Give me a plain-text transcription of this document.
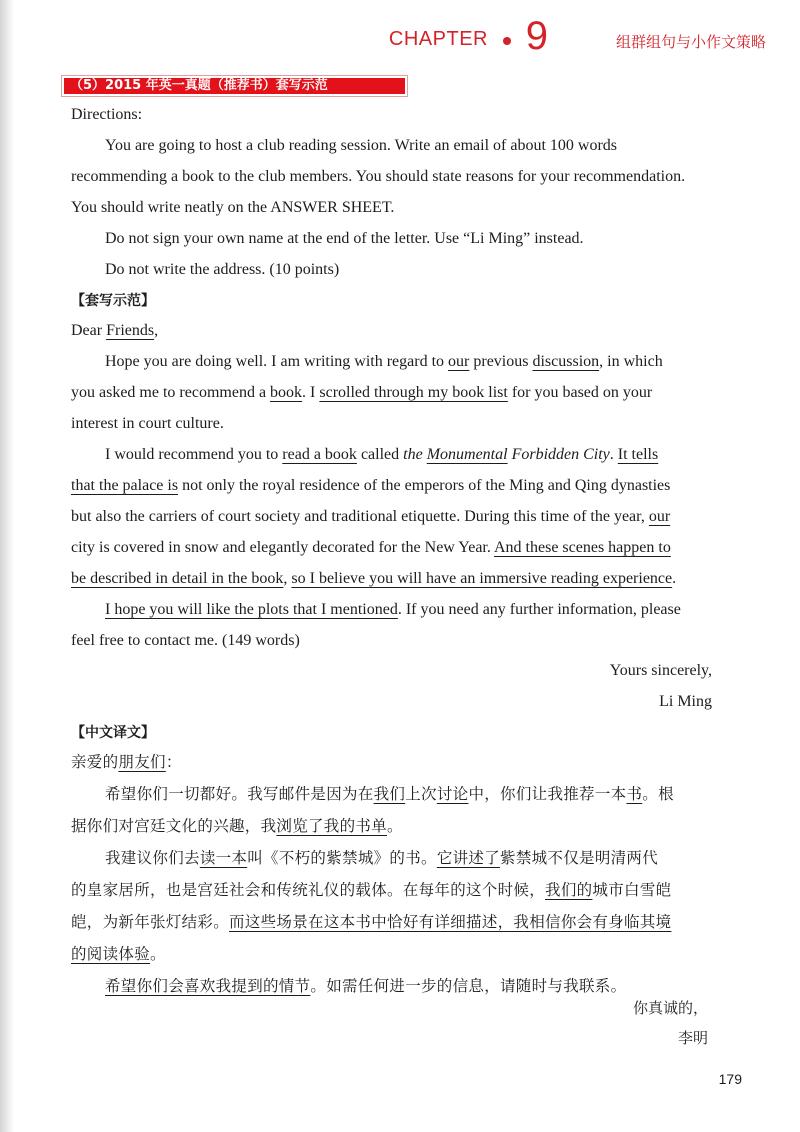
CHAPTER 9	组群组句与小作文策略
（5）2015 年英一真题（推荐书）套写示范
Directions:
You are going to host a club reading session. Write an email of about 100 words
recommending a book to the club members. You should state reasons for your recommendation.
You should write neatly on the ANSWER SHEET.
Do not sign your own name at the end of the letter. Use “Li Ming” instead.
Do not write the address. (10 points)
【套写示范】
Dear Friends,
Hope you are doing well. I am writing with regard to our previous discussion, in which
you asked me to recommend a book. I scrolled through my book list for you based on your
interest in court culture.
I would recommend you to read a book called the Monumental Forbidden City. It tells
that the palace is not only the royal residence of the emperors of the Ming and Qing dynasties
but also the carriers of court society and traditional etiquette. During this time of the year, our
city is covered in snow and elegantly decorated for the New Year. And these scenes happen to
be described in detail in the book, so I believe you will have an immersive reading experience.
I hope you will like the plots that I mentioned. If you need any further information, please
feel free to contact me. (149 words)
Yours sincerely,
Li Ming
【中文译文】
亲爱的朋友们：
希望你们一切都好。我写邮件是因为在我们上次讨论中，你们让我推荐一本书。根
据你们对宫廷文化的兴趣，我浏览了我的书单。
我建议你们去读一本叫《不朽的紫禁城》的书。它讲述了紫禁城不仅是明清两代
的皇家居所，也是宫廷社会和传统礼仪的载体。在每年的这个时候，我们的城市白雪皑
皑，为新年张灯结彩。而这些场景在这本书中恰好有详细描述，我相信你会有身临其境
的阅读体验。
希望你们会喜欢我提到的情节。如需任何进一步的信息，请随时与我联系。
你真诚的，
李明
179
